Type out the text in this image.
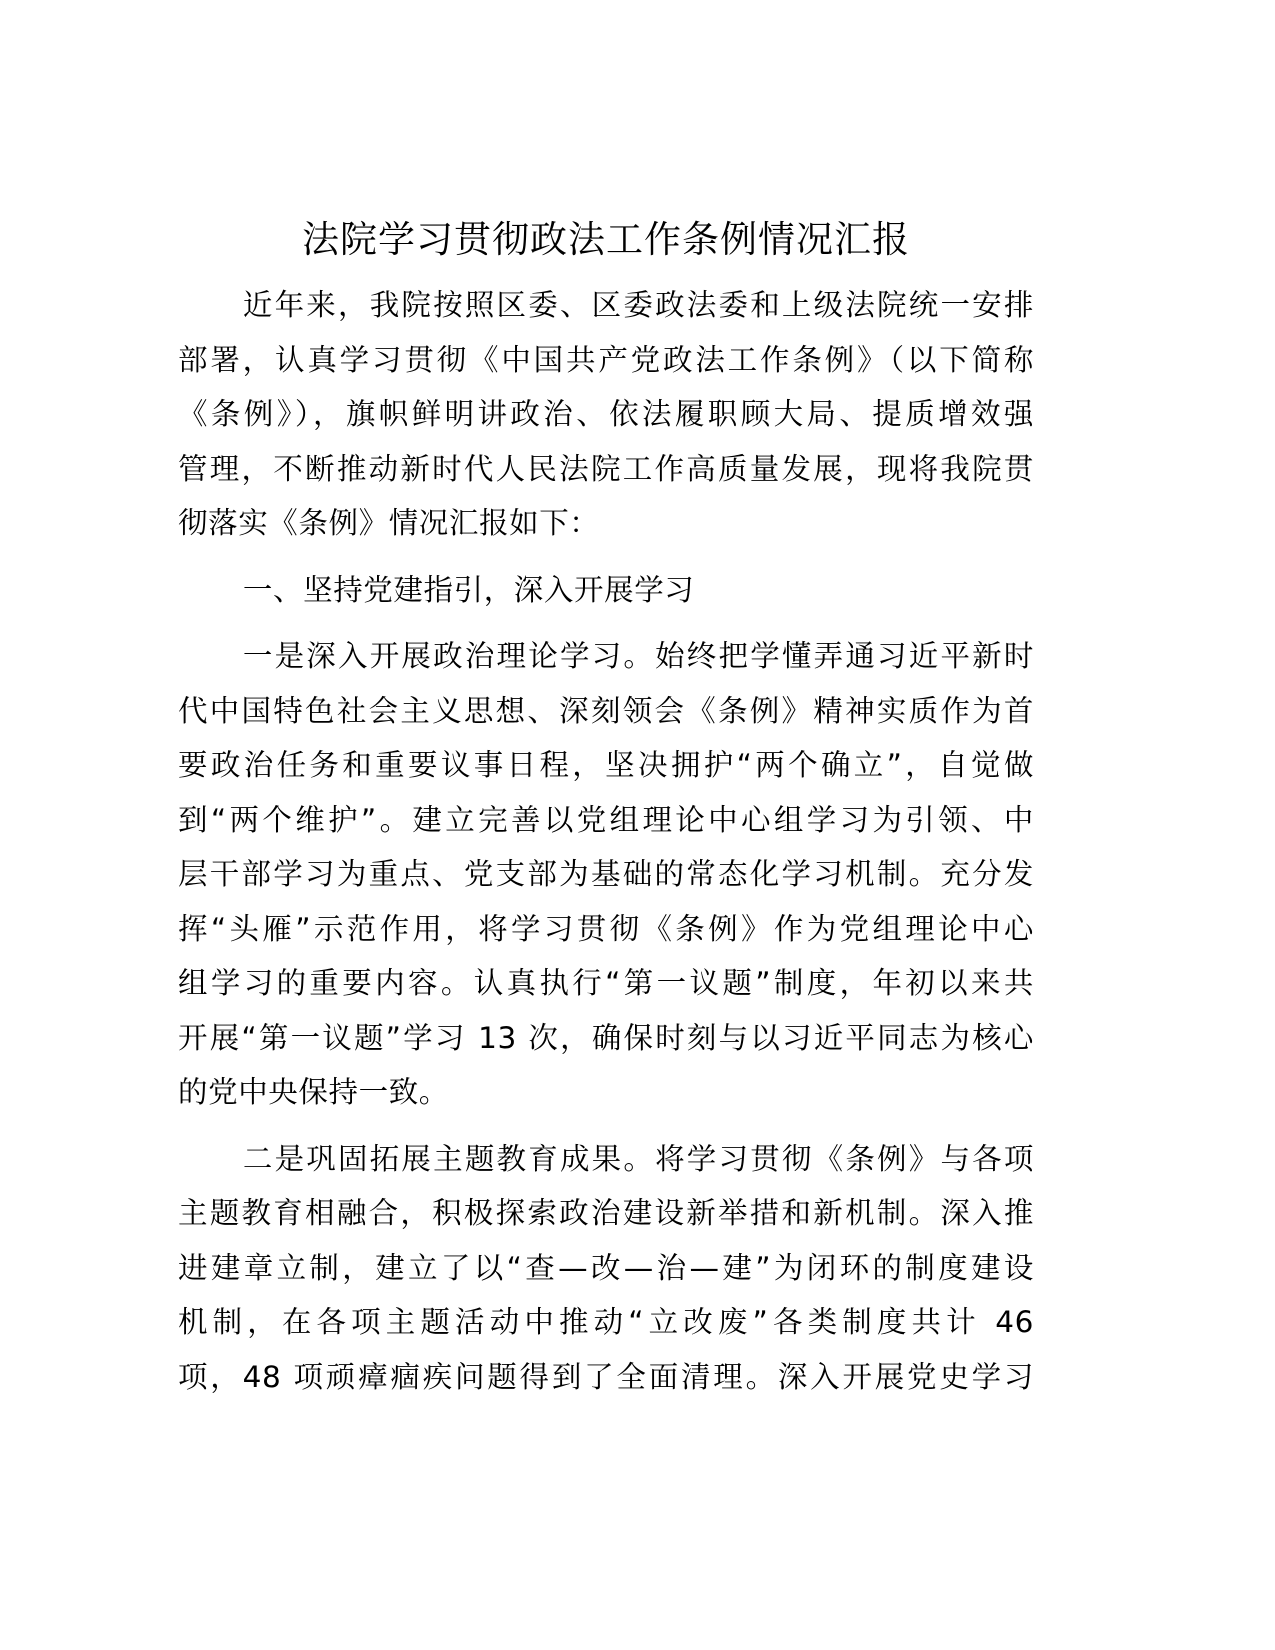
法院学习贯彻政法工作条例情况汇报
近年来，我院按照区委、区委政法委和上级法院统一安排
部署，认真学习贯彻《中国共产党政法工作条例》（以下简称
《条例》），旗帜鲜明讲政治、依法履职顾大局、提质增效强
管理，不断推动新时代人民法院工作高质量发展，现将我院贯
彻落实《条例》情况汇报如下：
一、坚持党建指引，深入开展学习
一是深入开展政治理论学习。始终把学懂弄通习近平新时
代中国特色社会主义思想、深刻领会《条例》精神实质作为首
要政治任务和重要议事日程，坚决拥护“两个确立”，自觉做
到“两个维护”。建立完善以党组理论中心组学习为引领、中
层干部学习为重点、党支部为基础的常态化学习机制。充分发
挥“头雁”示范作用，将学习贯彻《条例》作为党组理论中心
组学习的重要内容。认真执行“第一议题”制度，年初以来共
开展“第一议题”学习 13 次，确保时刻与以习近平同志为核心
的党中央保持一致。
二是巩固拓展主题教育成果。将学习贯彻《条例》与各项
主题教育相融合，积极探索政治建设新举措和新机制。深入推
进建章立制，建立了以“查—改—治—建”为闭环的制度建设
机制，在各项主题活动中推动“立改废”各类制度共计 46
项，48 项顽瘴痼疾问题得到了全面清理。深入开展党史学习
